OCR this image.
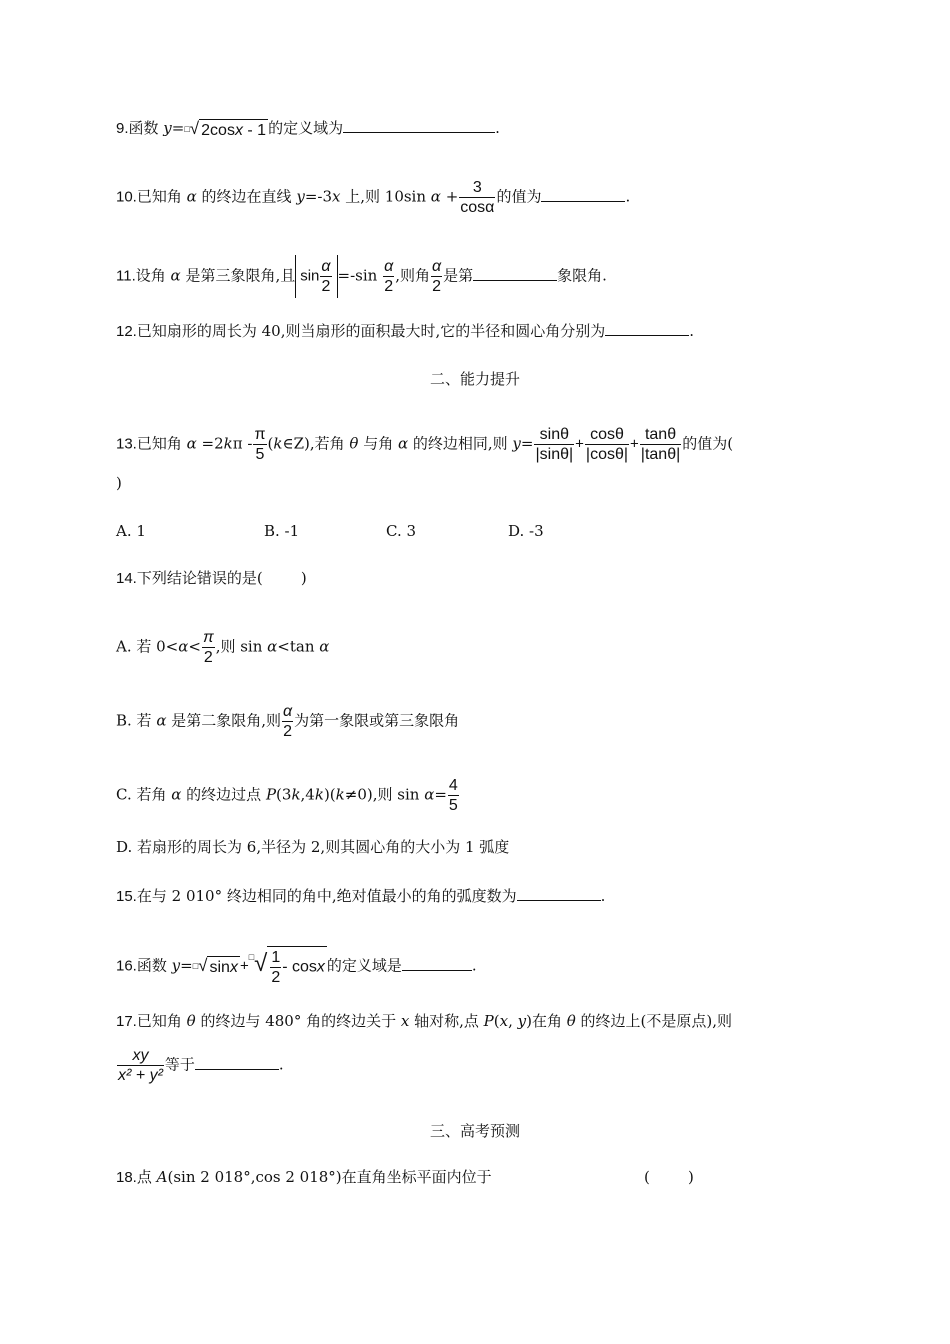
9.函数 y=□√ 2cosx - 1 的定义域为	.
10.已知角 α 的终边在直线 y=-3x 上,则 10sin $\alpha + \frac{3}{\cos\alpha}$ 的值为	.
11.设角 α 是第三象限角,且 $\sin \frac{\alpha}{2} =-\sin \frac{\alpha}{2}$ ,则角 $\frac{\alpha}{2}$ 是第	象限角.
12.已知扇形的周长为 40,则当扇形的面积最大时,它的半径和圆心角分别为	.
二、能力提升
13.已知角 $\alpha =2k\pi - \frac{\pi}{5}$ (k∈Z),若角 θ 与角 α 的终边相同,则 $y= \frac{\sin\theta}{|\sin\theta|} + \frac{\cos\theta}{|\cos\theta|} + \frac{\tan\theta}{|\tan\theta|}$ 的值为(
)
A. 1	B. -1	C. 3	D. -3
14.下列结论错误的是(	)
A. 若 $0<\alpha< \frac{\pi}{2}$ ,则 sin α<tan α
B. 若 α 是第二象限角,则 $\frac{\alpha}{2}$ 为第一象限或第三象限角
C. 若角 α 的终边过点 P(3k,4k)(k≠0),则 $\sin \alpha= \frac{4}{5}$
D. 若扇形的周长为 6,半径为 2,则其圆心角的大小为 1 弧度
15.在与 2 010° 终边相同的角中,绝对值最小的角的弧度数为	.
16.函数 y=□√ $\sin x +^□√ \frac{1}{2} - \cos x$ 的定义域是	.
17.已知角 θ 的终边与 480° 角的终边关于 x 轴对称,点 P(x, y)在角 θ 的终边上(不是原点),则
$\frac{xy}{\text{x² + y²}}$ 等于	.
三、高考预测
18.点 A(sin 2 018°,cos 2 018°)在直角坐标平面内位于	(        )
